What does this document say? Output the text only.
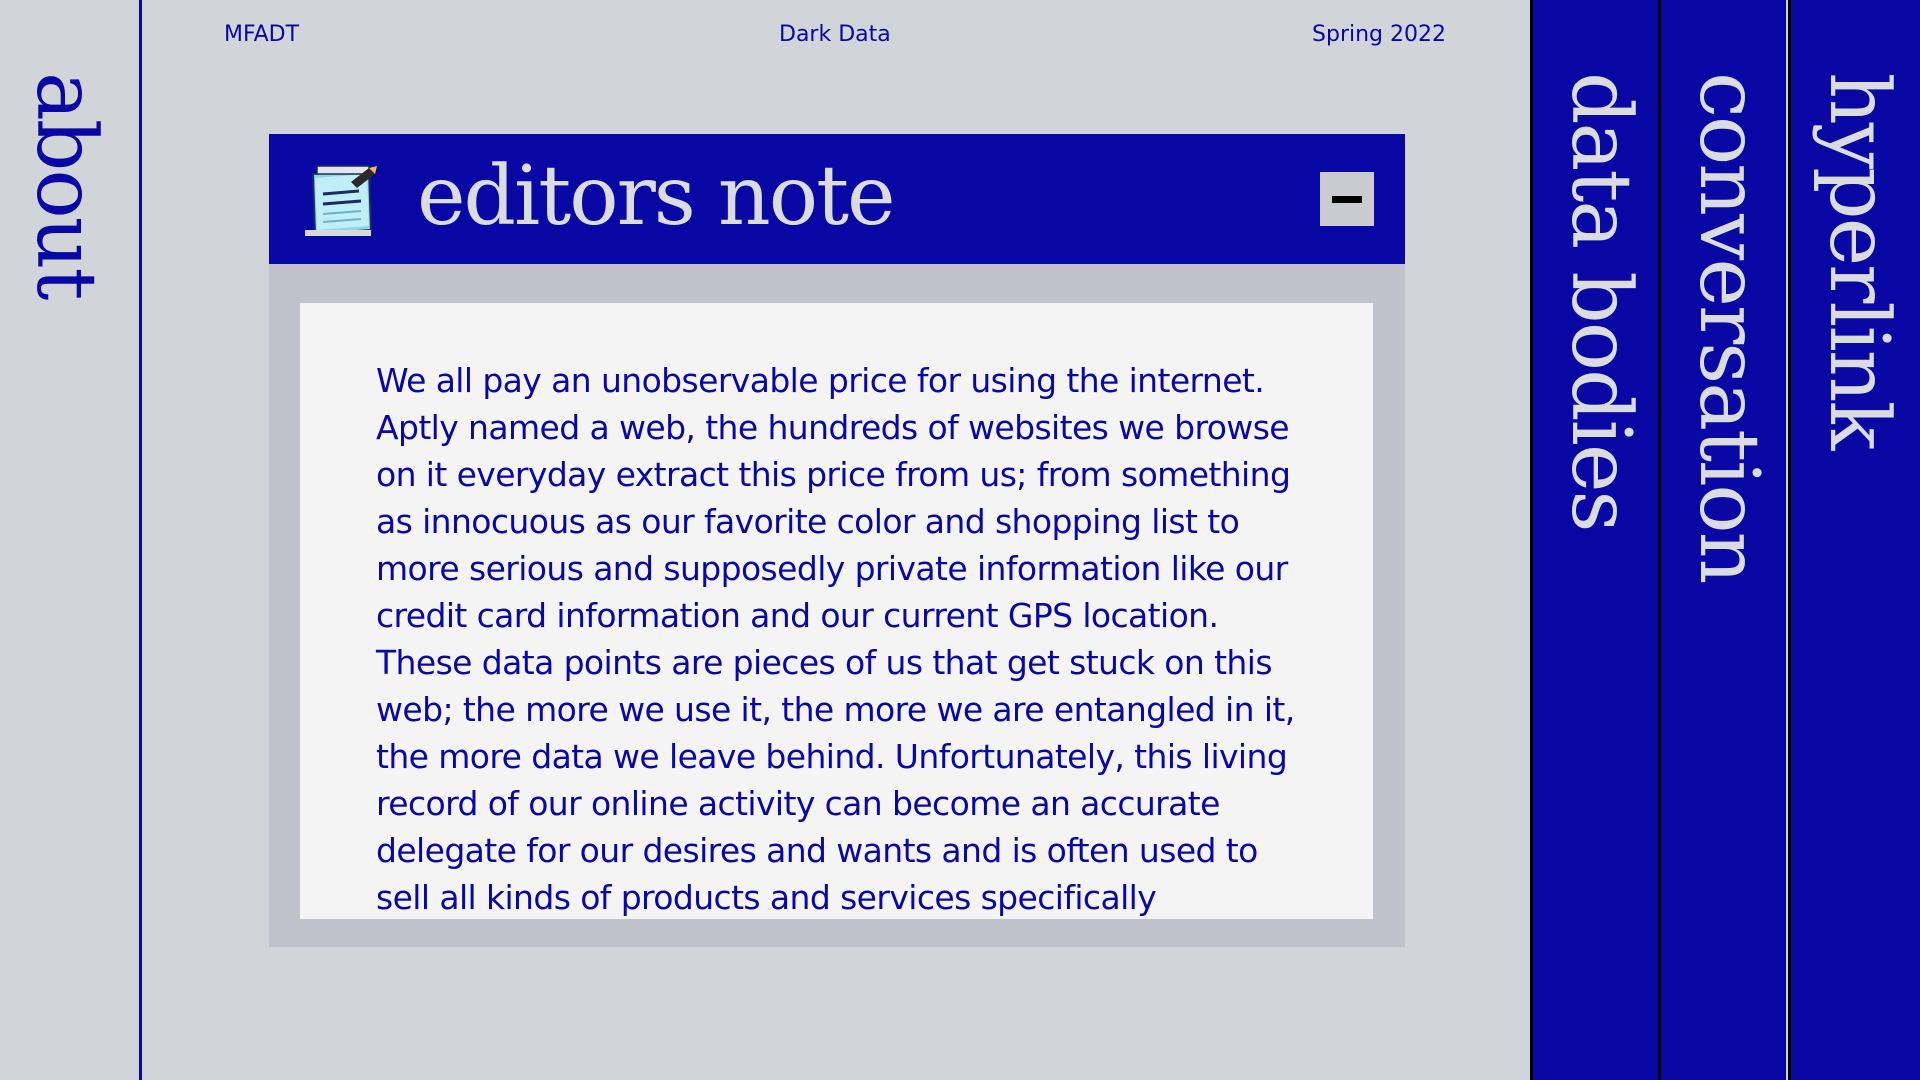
about
MFADT	Dark Data	Spring 2022
editors note

We all pay an unobservable price for using the internet. Aptly named a web, the hundreds of websites we browse on it everyday extract this price from us; from something as innocuous as our favorite color and shopping list to more serious and supposedly private information like our credit card information and our current GPS location. These data points are pieces of us that get stuck on this web; the more we use it, the more we are entangled in it, the more data we leave behind. Unfortunately, this living record of our online activity can become an accurate delegate for our desires and wants and is often used to sell all kinds of products and services specifically

data bodies conversation hyperlink
